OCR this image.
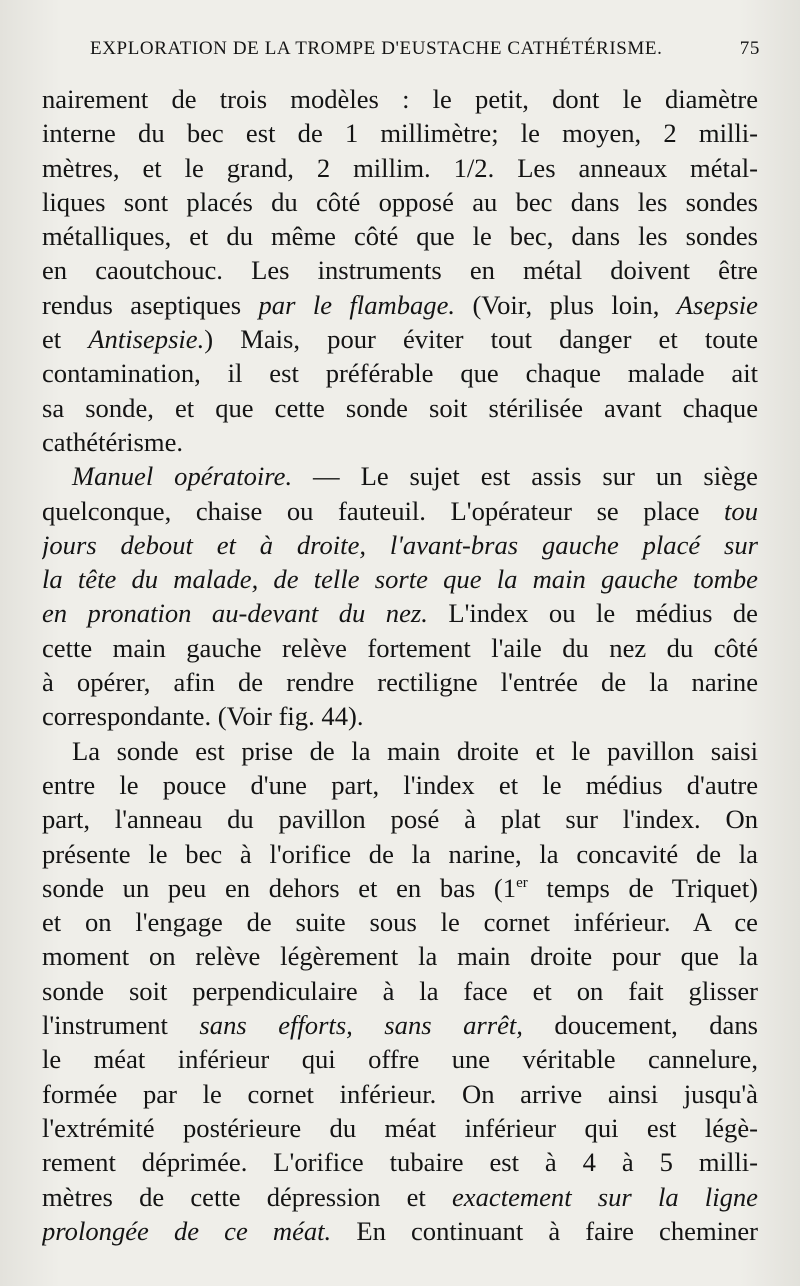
EXPLORATION DE LA TROMPE D'EUSTACHE CATHÉTÉRISME.	75
nairement de trois modèles : le petit, dont le diamètre
interne du bec est de 1 millimètre; le moyen, 2 milli-
mètres, et le grand, 2 millim. 1/2. Les anneaux métal-
liques sont placés du côté opposé au bec dans les sondes
métalliques, et du même côté que le bec, dans les sondes
en caoutchouc. Les instruments en métal doivent être
rendus aseptiques par le flambage. (Voir, plus loin, Asepsie
et Antisepsie.) Mais, pour éviter tout danger et toute
contamination, il est préférable que chaque malade ait
sa sonde, et que cette sonde soit stérilisée avant chaque
cathétérisme.
Manuel opératoire. — Le sujet est assis sur un siège
quelconque, chaise ou fauteuil. L'opérateur se place tou
jours debout et à droite, l'avant-bras gauche placé sur
la tête du malade, de telle sorte que la main gauche tombe
en pronation au-devant du nez. L'index ou le médius de
cette main gauche relève fortement l'aile du nez du côté
à opérer, afin de rendre rectiligne l'entrée de la narine
correspondante. (Voir fig. 44).
La sonde est prise de la main droite et le pavillon saisi
entre le pouce d'une part, l'index et le médius d'autre
part, l'anneau du pavillon posé à plat sur l'index. On
présente le bec à l'orifice de la narine, la concavité de la
sonde un peu en dehors et en bas (1er temps de Triquet)
et on l'engage de suite sous le cornet inférieur. A ce
moment on relève légèrement la main droite pour que la
sonde soit perpendiculaire à la face et on fait glisser
l'instrument sans efforts, sans arrêt, doucement, dans
le méat inférieur qui offre une véritable cannelure,
formée par le cornet inférieur. On arrive ainsi jusqu'à
l'extrémité postérieure du méat inférieur qui est légè-
rement déprimée. L'orifice tubaire est à 4 à 5 milli-
mètres de cette dépression et exactement sur la ligne
prolongée de ce méat. En continuant à faire cheminer
